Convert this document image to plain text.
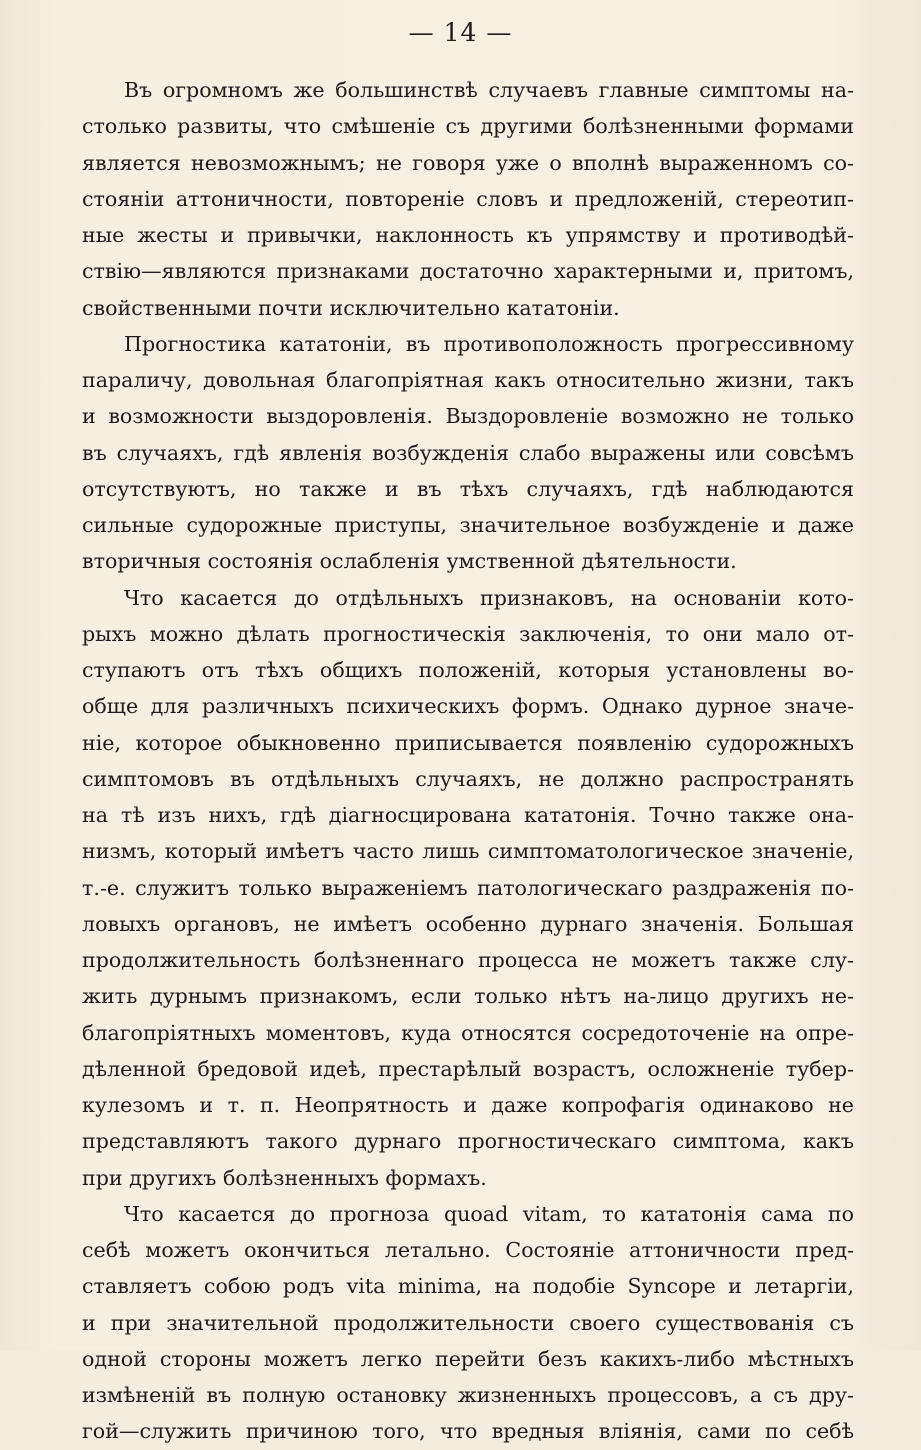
— 14 —
Въ огромномъ же большинствѣ случаевъ главные симптомы на-
столько развиты, что смѣшеніе съ другими болѣзненными формами
является невозможнымъ; не говоря уже о вполнѣ выраженномъ со-
стояніи аттоничности, повтореніе словъ и предложеній, стереотип-
ные жесты и привычки, наклонность къ упрямству и противодѣй-
ствію—являются признаками достаточно характерными и, притомъ,
свойственными почти исключительно кататоніи.
Прогностика кататоніи, въ противоположность прогрессивному
параличу, довольная благопріятная какъ относительно жизни, такъ
и возможности выздоровленія. Выздоровленіе возможно не только
въ случаяхъ, гдѣ явленія возбужденія слабо выражены или совсѣмъ
отсутствуютъ, но также и въ тѣхъ случаяхъ, гдѣ наблюдаются
сильные судорожные приступы, значительное возбужденіе и даже
вторичныя состоянія ослабленія умственной дѣятельности.
Что касается до отдѣльныхъ признаковъ, на основаніи кото-
рыхъ можно дѣлать прогностическія заключенія, то они мало от-
ступаютъ отъ тѣхъ общихъ положеній, которыя установлены во-
обще для различныхъ психическихъ формъ. Однако дурное значе-
ніе, которое обыкновенно приписывается появленію судорожныхъ
симптомовъ въ отдѣльныхъ случаяхъ, не должно распространять
на тѣ изъ нихъ, гдѣ діагносцирована кататонія. Точно также она-
низмъ, который имѣетъ часто лишь симптоматологическое значеніе,
т.-е. служитъ только выраженіемъ патологическаго раздраженія по-
ловыхъ органовъ, не имѣетъ особенно дурнаго значенія. Большая
продолжительность болѣзненнаго процесса не можетъ также слу-
жить дурнымъ признакомъ, если только нѣтъ на-лицо другихъ не-
благопріятныхъ моментовъ, куда относятся сосредоточеніе на опре-
дѣленной бредовой идеѣ, престарѣлый возрастъ, осложненіе тубер-
кулезомъ и т. п. Неопрятность и даже копрофагія одинаково не
представляютъ такого дурнаго прогностическаго симптома, какъ
при другихъ болѣзненныхъ формахъ.
Что касается до прогноза quoad vitam, то кататонія сама по
себѣ можетъ окончиться летально. Состояніе аттоничности пред-
ставляетъ собою родъ vita minima, на подобіе Syncope и летаргіи,
и при значительной продолжительности своего существованія съ
одной стороны можетъ легко перейти безъ какихъ-либо мѣстныхъ
измѣненій въ полную остановку жизненныхъ процессовъ, а съ дру-
гой—служить причиною того, что вредныя вліянія, сами по себѣ
